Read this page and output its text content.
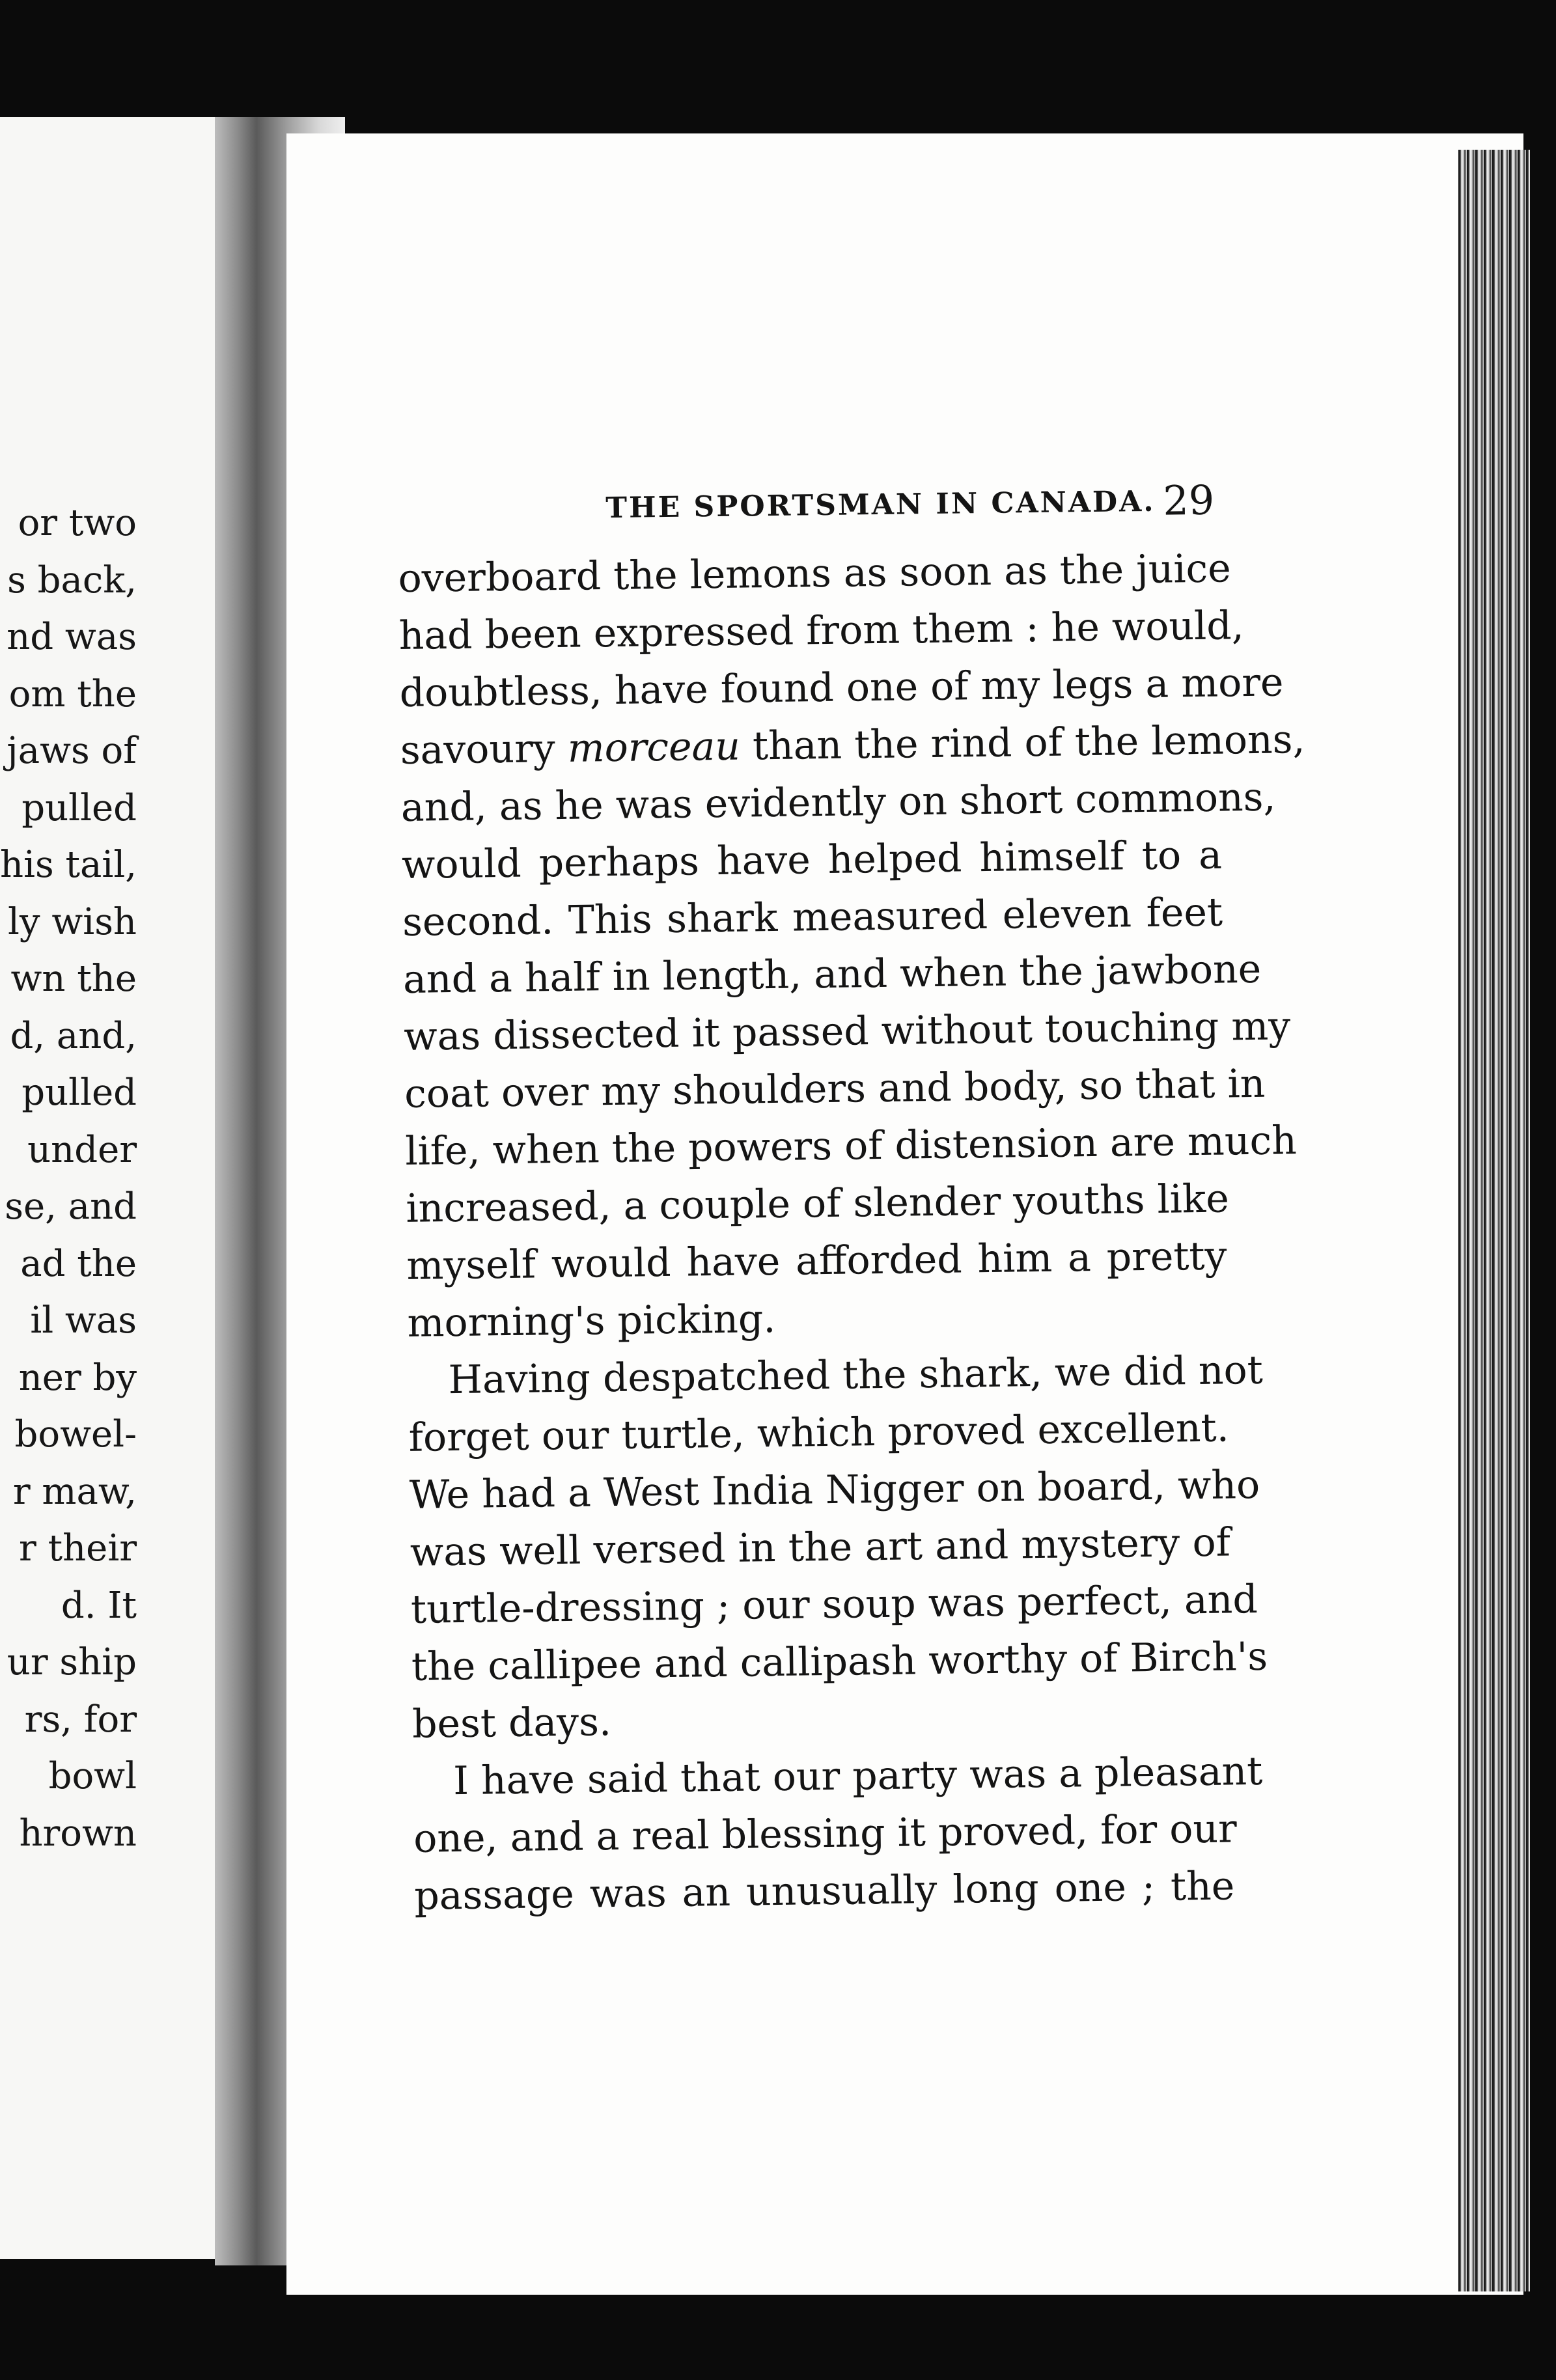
or two
s back,
nd was
om the
jaws of
pulled
his tail,
ly wish
wn the
d, and,
pulled
under
se, and
ad the
il was
ner by
bowel-
r maw,
r their
d. It
ur ship
rs, for
bowl
hrown
THE SPORTSMAN IN CANADA. 29
overboard the lemons as soon as the juice
had been expressed from them : he would,
doubtless, have found one of my legs a more
savoury morceau than the rind of the lemons,
and, as he was evidently on short commons,
would perhaps have helped himself to a
second. This shark measured eleven feet
and a half in length, and when the jawbone
was dissected it passed without touching my
coat over my shoulders and body, so that in
life, when the powers of distension are much
increased, a couple of slender youths like
myself would have afforded him a pretty
morning's picking.
Having despatched the shark, we did not
forget our turtle, which proved excellent.
We had a West India Nigger on board, who
was well versed in the art and mystery of
turtle-dressing ; our soup was perfect, and
the callipee and callipash worthy of Birch's
best days.
I have said that our party was a pleasant
one, and a real blessing it proved, for our
passage was an unusually long one ; the
